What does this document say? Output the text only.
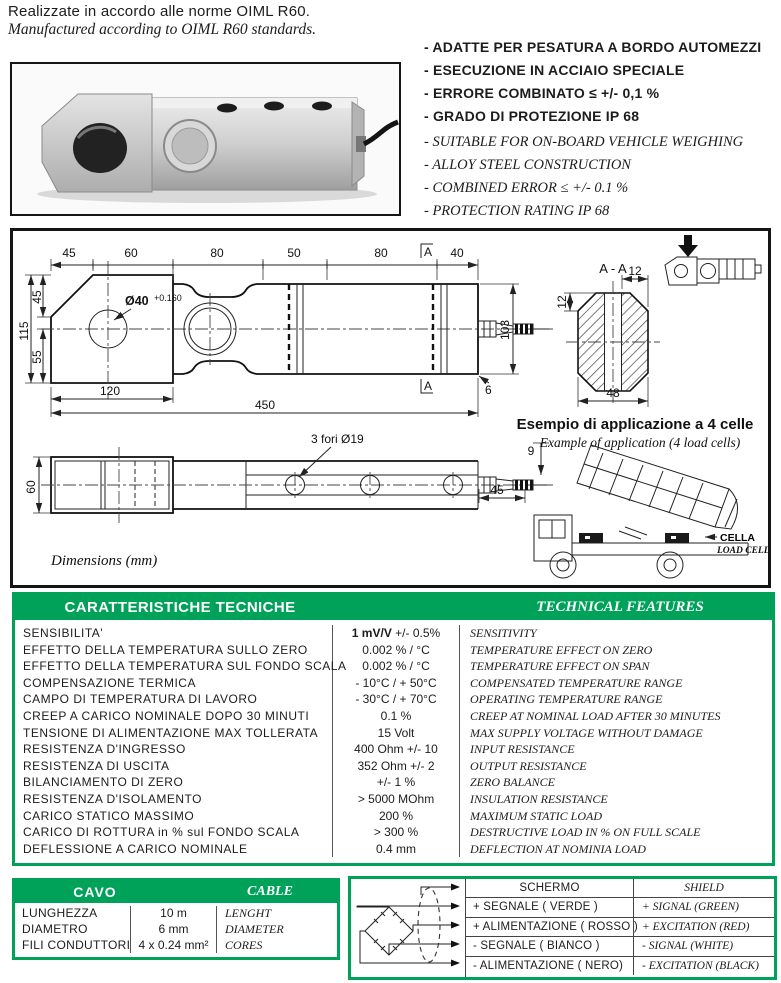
Realizzate in accordo alle norme OIML R60.
Manufactured according to OIML R60 standards.
- ADATTE PER PESATURA A BORDO AUTOMEZZI
- ESECUZIONE IN ACCIAIO SPECIALE
- ERRORE COMBINATO ≤ +/- 0,1 %
- GRADO DI PROTEZIONE IP 68
- SUITABLE FOR ON-BOARD VEHICLE WEIGHING
- ALLOY STEEL CONSTRUCTION
- COMBINED ERROR ≤ +/- 0.1 %
- PROTECTION RATING IP 68
Ø40 +0.160
45	60	80	50	80	40
A
A
115
45
55
120
450
103
6
A - A 12
12
48
3 fori Ø19
60	45
9
Dimensions (mm)
Esempio di applicazione a 4 celle
Example of application (4 load cells)
CELLA
LOAD CELL
CARATTERISTICHE TECNICHE	TECHNICAL FEATURES
SENSIBILITA'	1 mV/V +/- 0.5%	SENSITIVITY
EFFETTO DELLA TEMPERATURA SULLO ZERO	0.002 % / °C	TEMPERATURE EFFECT ON ZERO
EFFETTO DELLA TEMPERATURA SUL FONDO SCALA	0.002 % / °C	TEMPERATURE EFFECT ON SPAN
COMPENSAZIONE TERMICA	- 10°C / + 50°C	COMPENSATED TEMPERATURE RANGE
CAMPO DI TEMPERATURA DI LAVORO	- 30°C / + 70°C	OPERATING TEMPERATURE RANGE
CREEP A CARICO NOMINALE DOPO 30 MINUTI	0.1 %	CREEP AT NOMINAL LOAD AFTER 30 MINUTES
TENSIONE DI ALIMENTAZIONE MAX TOLLERATA	15 Volt	MAX SUPPLY VOLTAGE WITHOUT DAMAGE
RESISTENZA D'INGRESSO	400 Ohm +/- 10	INPUT RESISTANCE
RESISTENZA DI USCITA	352 Ohm +/- 2	OUTPUT RESISTANCE
BILANCIAMENTO DI ZERO	+/- 1 %	ZERO BALANCE
RESISTENZA D'ISOLAMENTO	> 5000 MOhm	INSULATION RESISTANCE
CARICO STATICO MASSIMO	200 %	MAXIMUM STATIC LOAD
CARICO DI ROTTURA in % sul FONDO SCALA	> 300 %	DESTRUCTIVE LOAD IN % ON FULL SCALE
DEFLESSIONE A CARICO NOMINALE	0.4 mm	DEFLECTION AT NOMINIA LOAD
CAVO	CABLE
LUNGHEZZA	10 m	LENGHT
DIAMETRO	6 mm	DIAMETER
FILI CONDUTTORI 4 x 0.24 mm²	CORES
SCHERMO	SHIELD
+ SEGNALE ( VERDE )	+ SIGNAL (GREEN)
+ ALIMENTAZIONE ( ROSSO ) + EXCITATION (RED)
- SEGNALE ( BIANCO )	- SIGNAL (WHITE)
- ALIMENTAZIONE ( NERO)	- EXCITATION (BLACK)
